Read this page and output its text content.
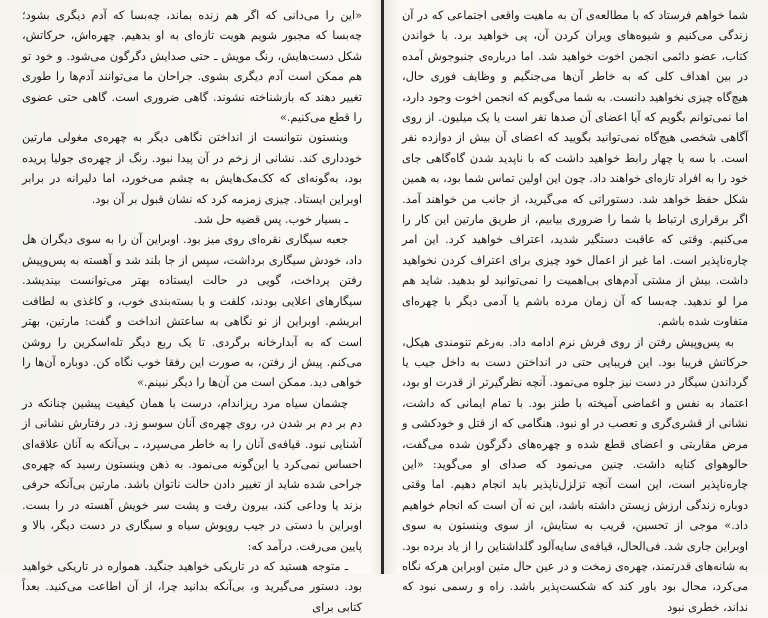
«این را می‌دانی که اگر هم زنده بماند، چه‌بسا که آدم دیگری بشود؛ چه‌بسا که مجبور شویم هویت تازه‌ای به او بدهیم. چهره‌اش، حرکاتش، شکل دست‌هایش، رنگ مویش ـ حتی صدایش دگرگون می‌شود. و خود تو هم ممکن است آدم دیگری بشوی. جراحان ما می‌توانند آدم‌ها را طوری تغییر دهند که بازشناخته نشوند. گاهی ضروری است. گاهی حتی عضوی را قطع می‌کنیم.»

وینستون نتوانست از انداختن نگاهی دیگر به چهره‌ی مغولی مارتین خودداری کند. نشانی از زخم در آن پیدا نبود. رنگ از چهره‌ی جولیا پریده بود، به‌گونه‌ای که کک‌مک‌هایش به چشم می‌خورد، اما دلیرانه در برابر اوبراین ایستاد. چیزی زمزمه کرد که نشان قبول بر آن بود.

ـ بسیار خوب. پس قضیه حل شد.

جعبه سیگاری نقره‌ای روی میز بود. اوبراین آن را به سوی دیگران هل داد، خودش سیگاری برداشت، سپس از جا بلند شد و آهسته به پس‌وپیش رفتن پرداخت، گویی در حالت ایستاده بهتر می‌توانست بیندیشد. سیگارهای اعلایی بودند، کلفت و با بسته‌بندی خوب، و کاغذی به لطافت ابریشم. اوبراین از نو نگاهی به ساعتش انداخت و گفت: مارتین، بهتر است که به آبدارخانه برگردی. تا یک ربع دیگر تله‌اسکرین را روشن می‌کنم. پیش از رفتن، به صورت این رفقا خوب نگاه کن. دوباره آن‌ها را خواهی دید. ممکن است من آن‌ها را دیگر نبینم.»

چشمان سیاه مرد ریزاندام، درست با همان کیفیت پیشین چنانکه در دم بر دم بر شدن در، روی چهره‌ی آنان سوسو زد. در رفتارش نشانی از آشنایی نبود. قیافه‌ی آنان را به خاطر می‌سپرد، ـ بی‌آنکه به آنان علاقه‌ای احساس نمی‌کرد یا این‌گونه می‌نمود. به ذهن وینستون رسید که چهره‌ی جراحی شده شاید از تغییر دادن حالت ناتوان باشد. مارتین بی‌آنکه حرفی بزند یا وداعی کند، بیرون رفت و پشت سر خویش آهسته در را بست. اوبراین با دستی در جیب روپوش سیاه و سیگاری در دست دیگر، بالا و پایین می‌رفت. درآمد که:

ـ متوجه هستید که در تاریکی خواهید جنگید. همواره در تاریکی خواهید بود. دستور می‌گیرید و، بی‌آنکه بدانید چرا، از آن اطاعت می‌کنید. بعداً کتابی برای

شما خواهم فرستاد که با مطالعه‌ی آن به ماهیت واقعی اجتماعی که در آن زندگی می‌کنیم و شیوه‌های ویران کردن آن، پی خواهید برد. با خواندن کتاب، عضو دائمی انجمن اخوت خواهید شد. اما درباره‌ی جنبوجوش آمده در بین اهداف کلی که به خاطر آن‌ها می‌جنگیم و وظایف فوری حال، هیچ‌گاه چیزی نخواهید دانست. به شما می‌گویم که انجمن اخوت وجود دارد، اما نمی‌توانم بگویم که آیا اعضای آن صدها نفر است یا یک میلیون. از روی آگاهی شخصی هیچ‌گاه نمی‌توانید بگویید که اعضای آن بیش از دوازده نفر است. با سه یا چهار رابط خواهید داشت که با ناپدید شدن گاه‌گاهی جای خود را به افراد تازه‌ای خواهند داد. چون این اولین تماس شما بود، به همین شکل حفظ خواهد شد. دستوراتی که می‌گیرید، از جانب من خواهند آمد. اگر برقراری ارتباط با شما را ضروری بیابیم، از طریق مارتین این کار را می‌کنیم. وقتی که عاقبت دستگیر شدید، اعتراف خواهید کرد. این امر چاره‌ناپذیر است. اما غیر از اعمال خود چیزی برای اعتراف کردن نخواهید داشت. بیش از مشتی آدم‌های بی‌اهمیت را نمی‌توانید لو بدهید. شاید هم مرا لو ندهید. چه‌بسا که آن زمان مرده باشم یا آدمی دیگر با چهره‌ای متفاوت شده باشم.

به پس‌وپیش رفتن از روی فرش نرم ادامه داد. به‌رغم تنومندی هیکل، حرکاتش فریبا بود. این فریبایی حتی در انداختن دست به داخل جیب یا گرداندن سیگار در دست نیز جلوه می‌نمود. آنچه نظرگیرتر از قدرت او بود، اعتماد به نفس و اغماضی آمیخته با طنز بود. با تمام ایمانی که داشت، نشانی از قشری‌گری و تعصب در او نبود. هنگامی که از قتل و خودکشی و مرض مقاربتی و اعضای قطع شده و چهره‌های دگرگون شده می‌گفت، حالوهوای کنایه داشت. چنین می‌نمود که صدای او می‌گوید: «این چاره‌ناپذیر است، این است آنچه تزلزل‌ناپذیر باید انجام دهیم. اما وقتی دوباره زندگی ارزش زیستن داشته باشد، این نه آن است که انجام خواهیم داد.» موجی از تحسین، قریب به ستایش، از سوی وینستون به سوی اوبراین جاری شد. فی‌الحال، قیافه‌ی سایه‌آلود گلداشتاین را از یاد برده بود. به شانه‌های قدرتمند، چهره‌ی زمخت و در عین حال متین اوبراین هرکه نگاه می‌کرد، محال بود باور کند که شکست‌پذیر باشد. راه و رسمی نبود که نداند، خطری نبود
